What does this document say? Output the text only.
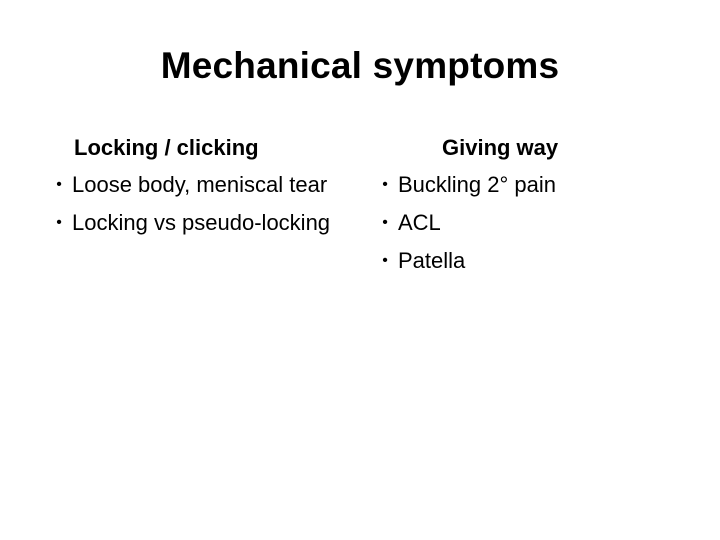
Mechanical symptoms
Locking / clicking
• Loose body, meniscal tear
• Locking vs pseudo-locking
Giving way
• Buckling 2° pain
• ACL
• Patella
